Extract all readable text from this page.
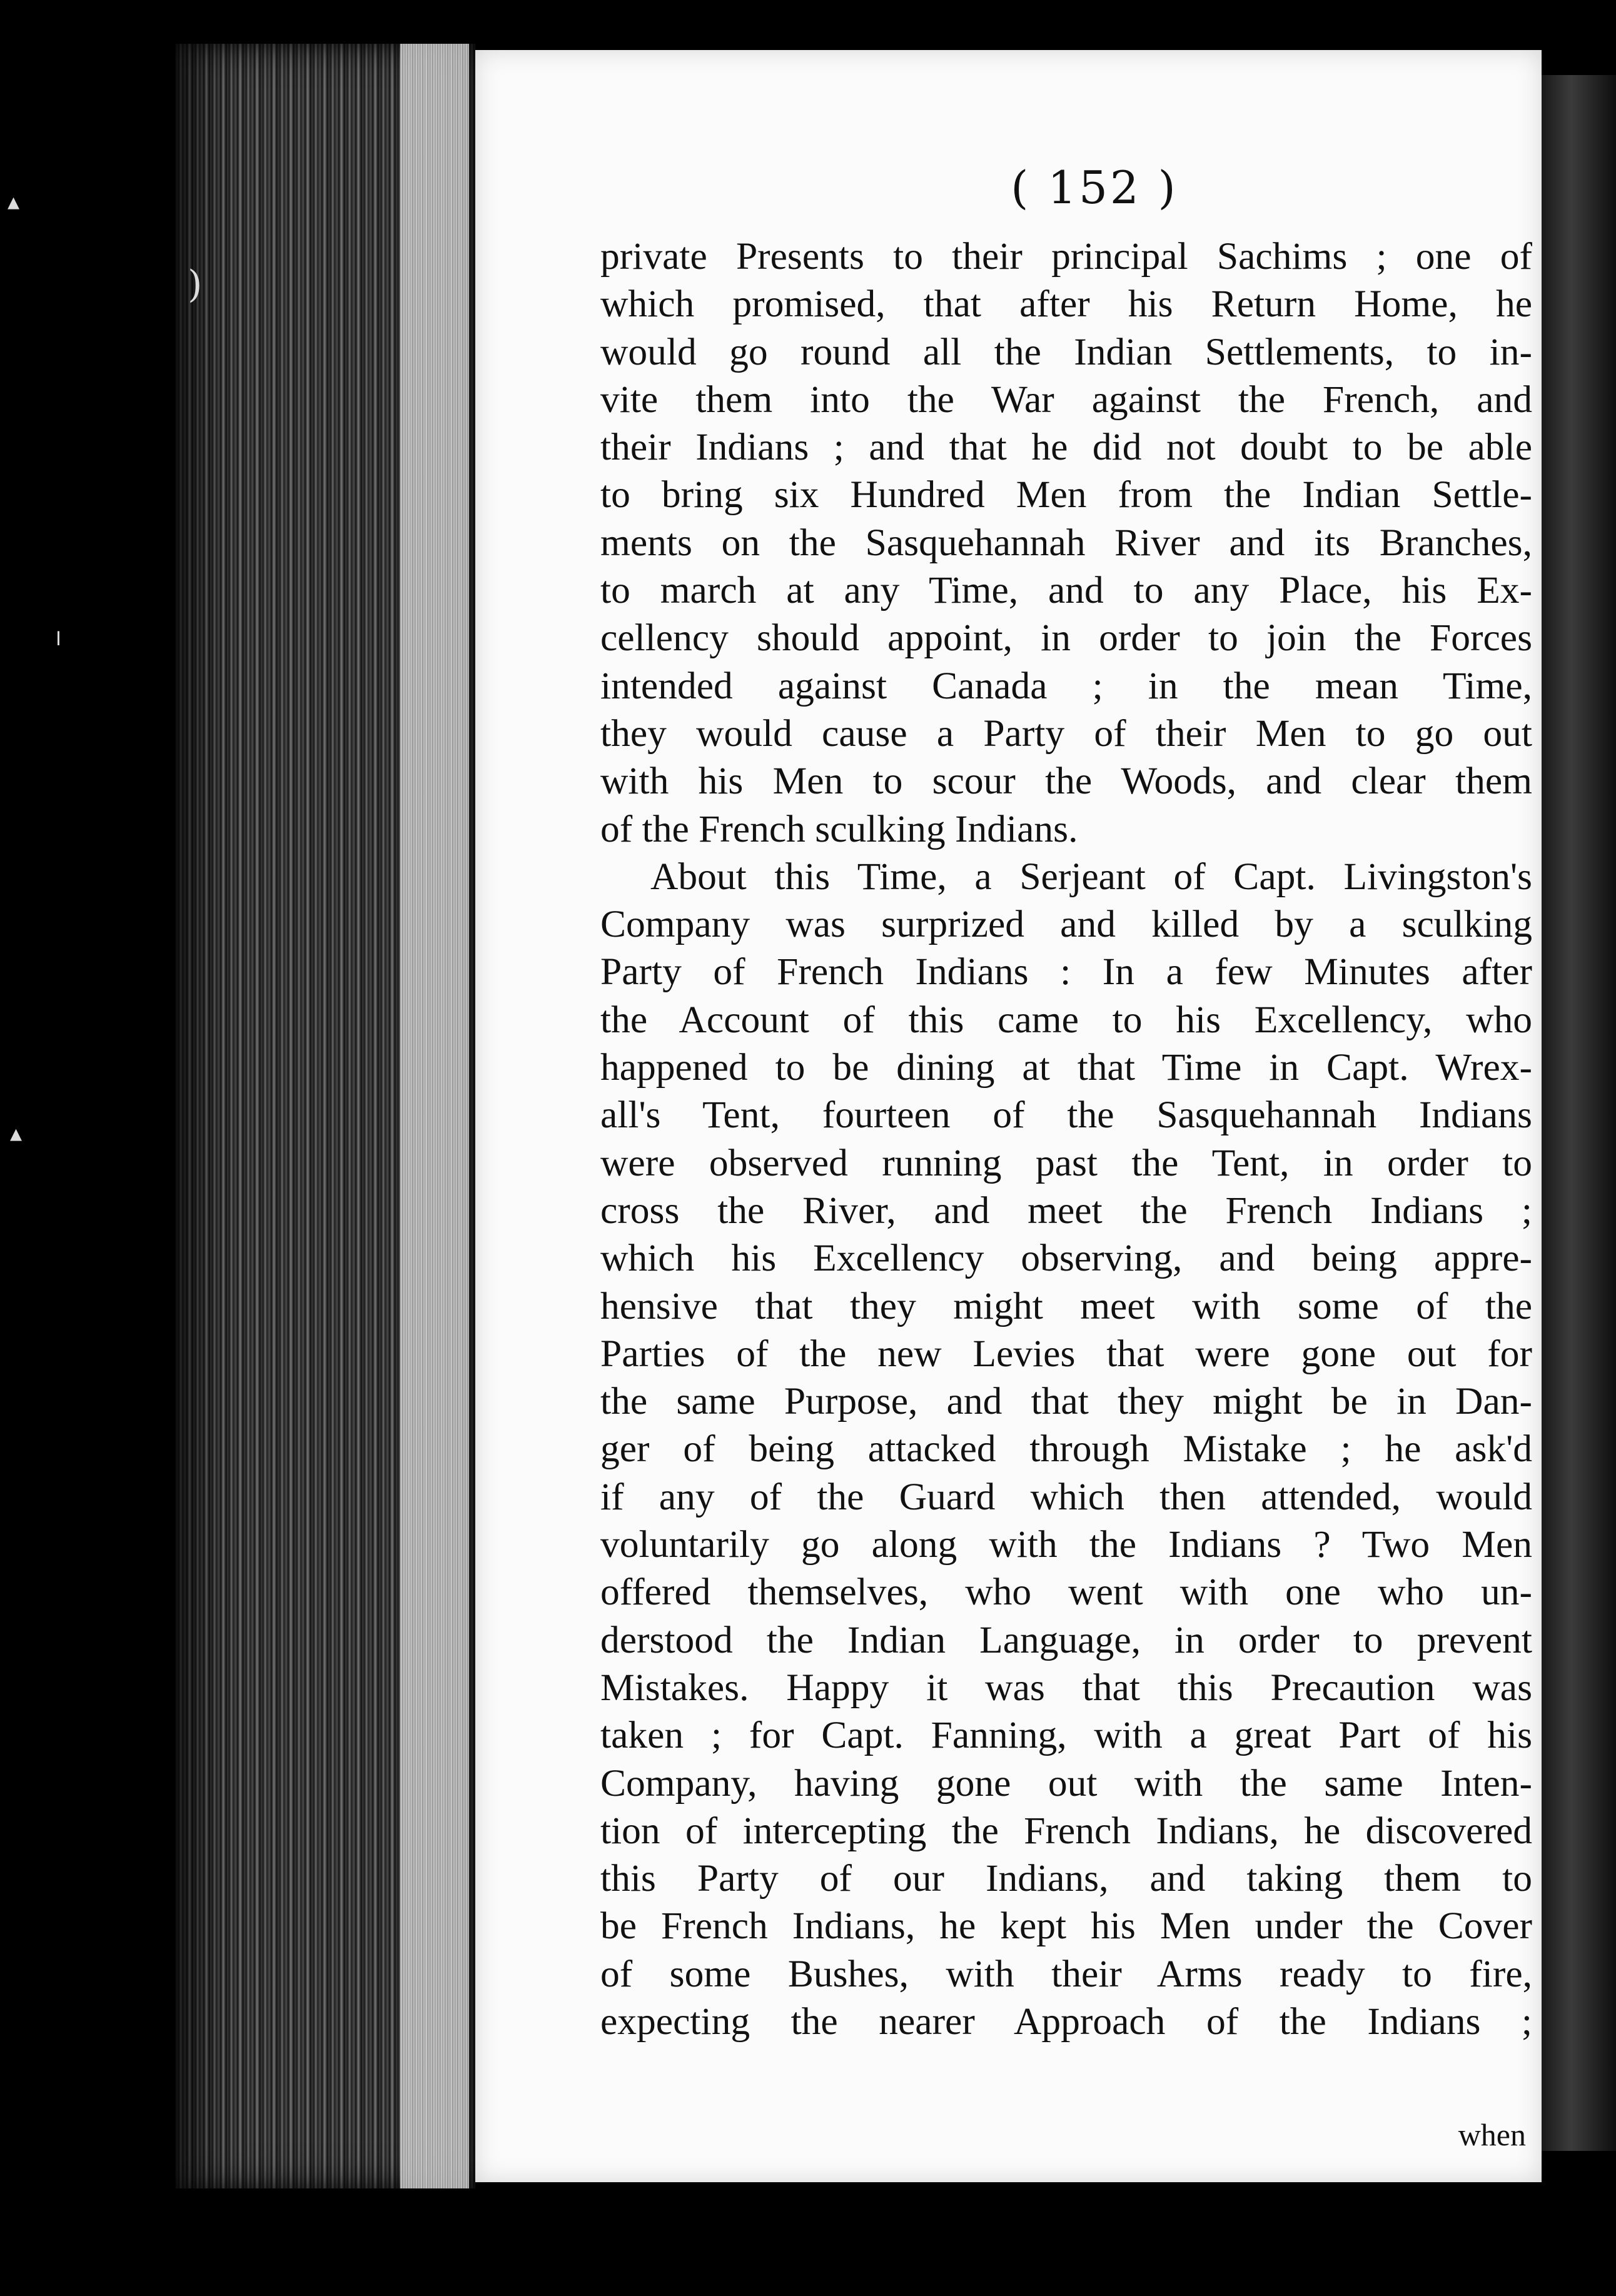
▴
╵
▴
)
( 152 )
private Presents to their principal Sachims ; one of
which promised, that after his Return Home, he
would go round all the Indian Settlements, to in-
vite them into the War against the French, and
their Indians ; and that he did not doubt to be able
to bring six Hundred Men from the Indian Settle-
ments on the Sasquehannah River and its Branches,
to march at any Time, and to any Place, his Ex-
cellency should appoint, in order to join the Forces
intended against Canada ; in the mean Time,
they would cause a Party of their Men to go out
with his Men to scour the Woods, and clear them
of the French sculking Indians.
About this Time, a Serjeant of Capt. Livingston's
Company was surprized and killed by a sculking
Party of French Indians : In a few Minutes after
the Account of this came to his Excellency, who
happened to be dining at that Time in Capt. Wrex-
all's Tent, fourteen of the Sasquehannah Indians
were observed running past the Tent, in order to
cross the River, and meet the French Indians ;
which his Excellency observing, and being appre-
hensive that they might meet with some of the
Parties of the new Levies that were gone out for
the same Purpose, and that they might be in Dan-
ger of being attacked through Mistake ; he ask'd
if any of the Guard which then attended, would
voluntarily go along with the Indians ? Two Men
offered themselves, who went with one who un-
derstood the Indian Language, in order to prevent
Mistakes. Happy it was that this Precaution was
taken ; for Capt. Fanning, with a great Part of his
Company, having gone out with the same Inten-
tion of intercepting the French Indians, he discovered
this Party of our Indians, and taking them to
be French Indians, he kept his Men under the Cover
of some Bushes, with their Arms ready to fire,
expecting the nearer Approach of the Indians ;
when
